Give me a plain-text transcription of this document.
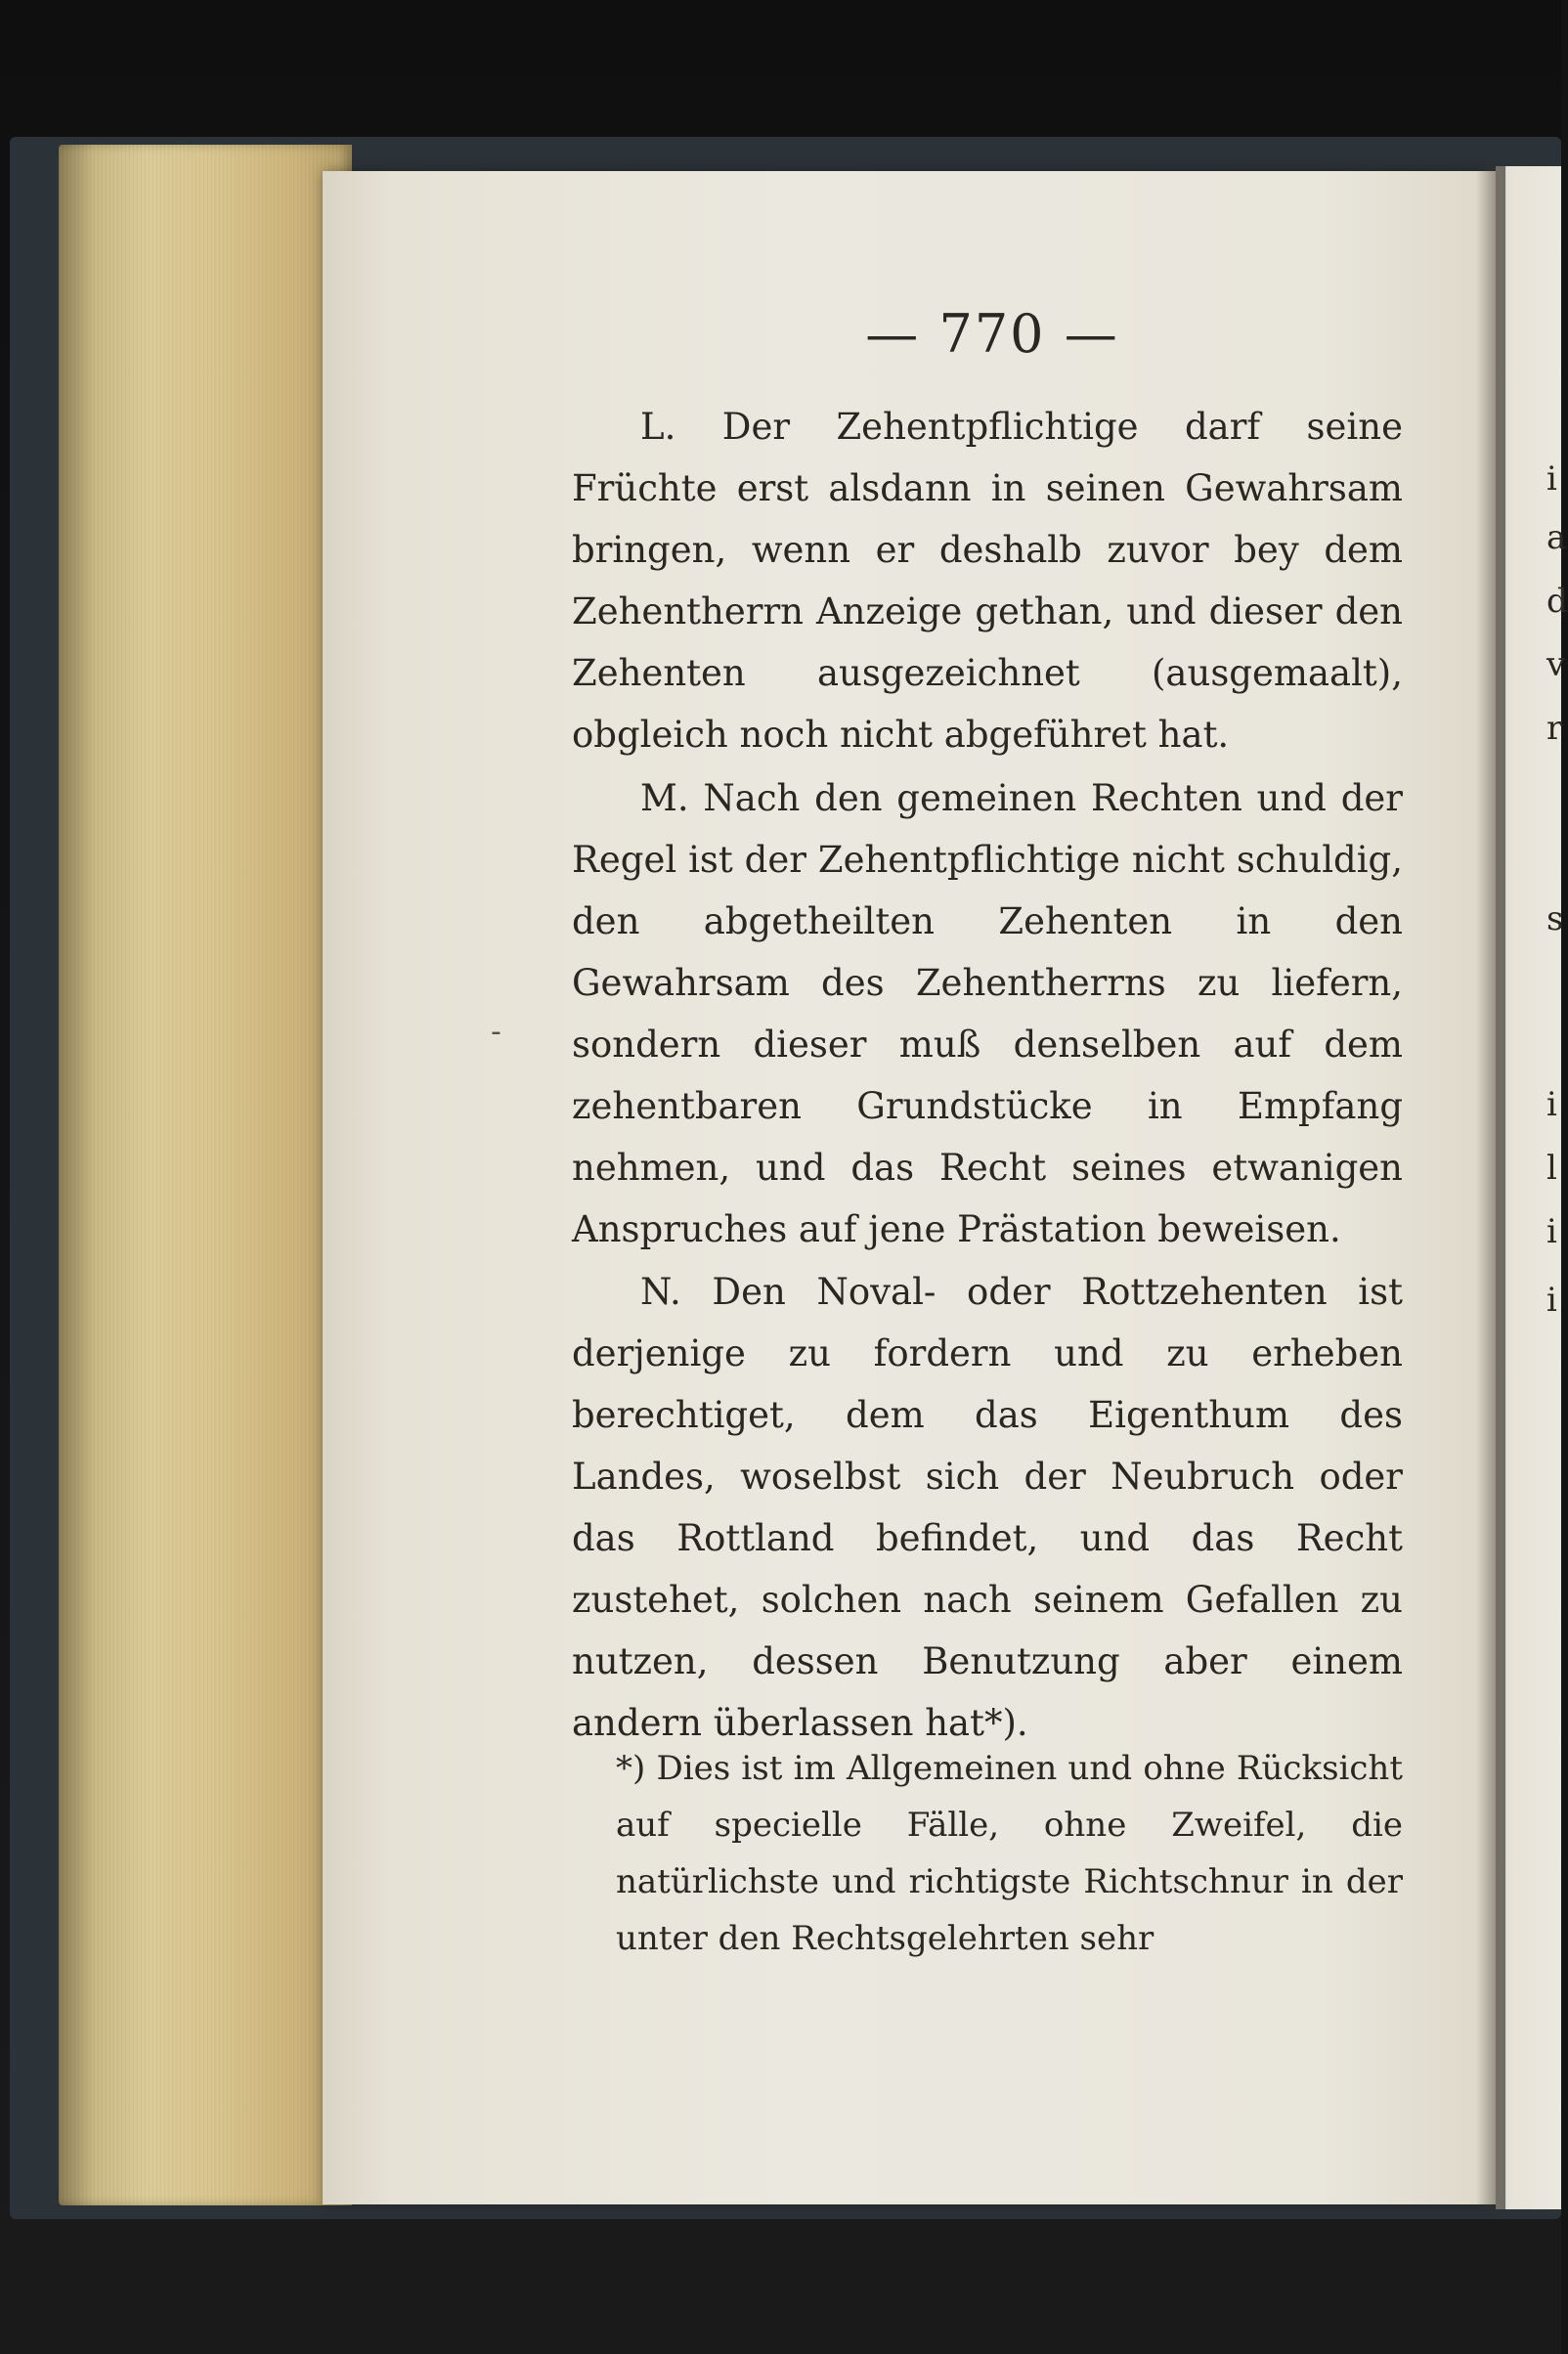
— 770 —
L. Der Zehentpflichtige darf seine Früchte erst alsdann in seinen Gewahrsam bringen, wenn er deshalb zuvor bey dem Zehentherrn Anzeige gethan, und dieser den Zehenten ausgezeichnet (ausgemaalt), obgleich noch nicht abgeführet hat.
M. Nach den gemeinen Rechten und der Regel ist der Zehentpflichtige nicht schuldig, den abgetheilten Zehenten in den Gewahrsam des Zehentherrns zu liefern, sondern dieser muß denselben auf dem zehentbaren Grundstücke in Empfang nehmen, und das Recht seines etwanigen Anspruches auf jene Prästation beweisen.
N. Den Noval- oder Rottzehenten ist derjenige zu fordern und zu erheben berechtiget, dem das Eigenthum des Landes, woselbst sich der Neubruch oder das Rottland befindet, und das Recht zustehet, solchen nach seinem Gefallen zu nutzen, dessen Benutzung aber einem andern überlassen hat*).
*) Dies ist im Allgemeinen und ohne Rücksicht auf specielle Fälle, ohne Zweifel, die natürlichste und richtigste Richtschnur in der unter den Rechtsgelehrten sehr
-
i
a
d
v
r
s
i
l
i
i
